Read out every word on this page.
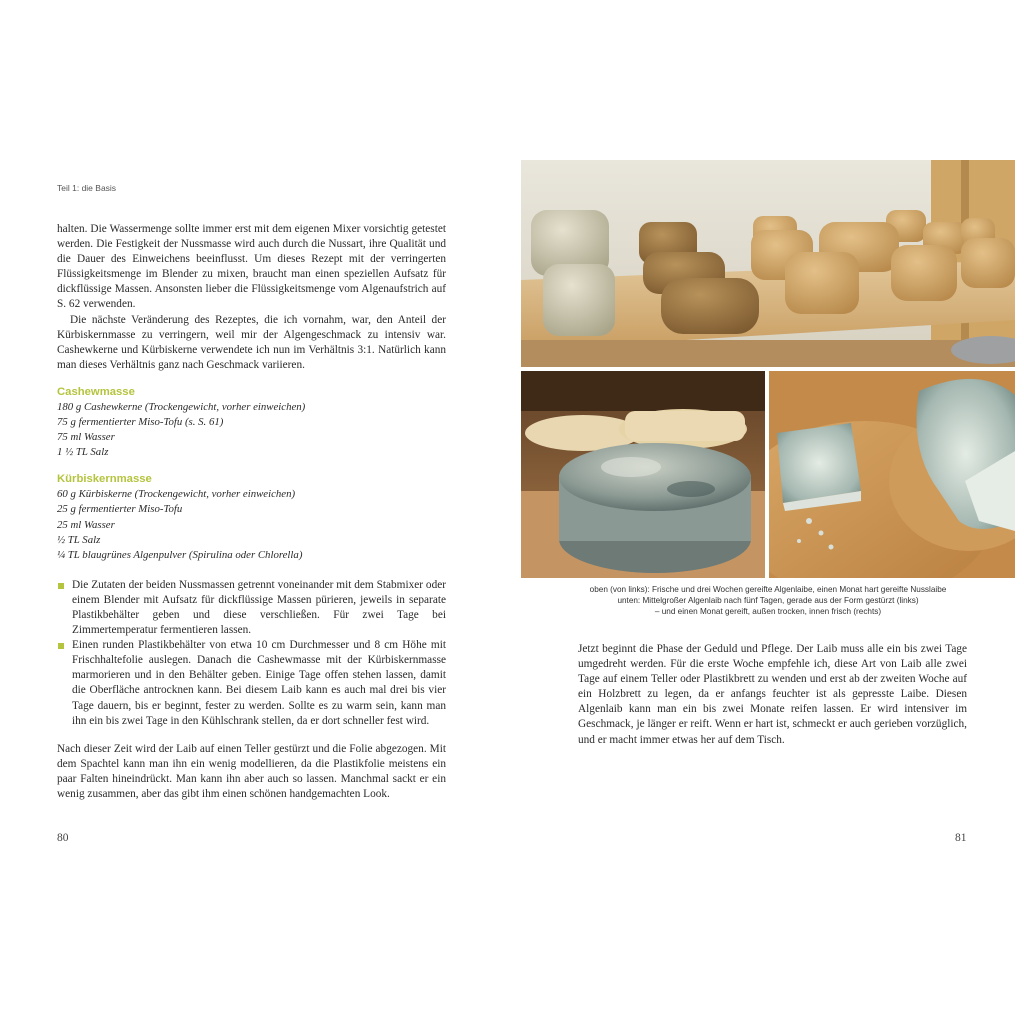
Teil 1: die Basis

halten. Die Wassermenge sollte immer erst mit dem eigenen Mixer vorsichtig getestet werden. Die Festigkeit der Nussmasse wird auch durch die Nussart, ihre Qualität und die Dauer des Einweichens beeinflusst. Um dieses Rezept mit der verringerten Flüssigkeitsmenge im Blender zu mixen, braucht man einen speziellen Aufsatz für dickflüssige Massen. Ansonsten lieber die Flüssigkeitsmenge vom Algenaufstrich auf S. 62 verwenden.

Die nächste Veränderung des Rezeptes, die ich vornahm, war, den Anteil der Kürbiskernmasse zu verringern, weil mir der Algengeschmack zu intensiv war. Cashewkerne und Kürbiskerne verwendete ich nun im Verhältnis 3:1. Natürlich kann man dieses Verhältnis ganz nach Geschmack variieren.

Cashewmasse
180 g Cashewkerne (Trockengewicht, vorher einweichen)
75 g fermentierter Miso-Tofu (s. S. 61)
75 ml Wasser
1 ½ TL Salz
Kürbiskernmasse
60 g Kürbiskerne (Trockengewicht, vorher einweichen)
25 g fermentierter Miso-Tofu
25 ml Wasser
½ TL Salz
¼ TL blaugrünes Algenpulver (Spirulina oder Chlorella)
Die Zutaten der beiden Nussmassen getrennt voneinander mit dem Stabmixer oder einem Blender mit Aufsatz für dickflüssige Massen pürieren, jeweils in separate Plastikbehälter geben und diese verschließen. Für zwei Tage bei Zimmertemperatur fermentieren lassen.
Einen runden Plastikbehälter von etwa 10 cm Durchmesser und 8 cm Höhe mit Frischhaltefolie auslegen. Danach die Cashewmasse mit der Kürbiskernmasse marmorieren und in den Behälter geben. Einige Tage offen stehen lassen, damit die Oberfläche antrocknen kann. Bei diesem Laib kann es auch mal drei bis vier Tage dauern, bis er beginnt, fester zu werden. Sollte es zu warm sein, kann man ihn ein bis zwei Tage in den Kühlschrank stellen, da er dort schneller fest wird.

Nach dieser Zeit wird der Laib auf einen Teller gestürzt und die Folie abgezogen. Mit dem Spachtel kann man ihn ein wenig modellieren, da die Plastikfolie meistens ein paar Falten hineindrückt. Man kann ihn aber auch so lassen. Manchmal sackt er ein wenig zusammen, aber das gibt ihm einen schönen handgemachten Look.

80
oben (von links): Frische und drei Wochen gereifte Algenlaibe, einen Monat hart gereifte Nusslaibe
unten: Mittelgroßer Algenlaib nach fünf Tagen, gerade aus der Form gestürzt (links)
– und einen Monat gereift, außen trocken, innen frisch (rechts)

Jetzt beginnt die Phase der Geduld und Pflege. Der Laib muss alle ein bis zwei Tage umgedreht werden. Für die erste Woche empfehle ich, diese Art von Laib alle zwei Tage auf einem Teller oder Plastikbrett zu wenden und erst ab der zweiten Woche auf ein Holzbrett zu legen, da er anfangs feuchter ist als gepresste Laibe. Diesen Algenlaib kann man ein bis zwei Monate reifen lassen. Er wird intensiver im Geschmack, je länger er reift. Wenn er hart ist, schmeckt er auch gerieben vorzüglich, und er macht immer etwas her auf dem Tisch.

81
